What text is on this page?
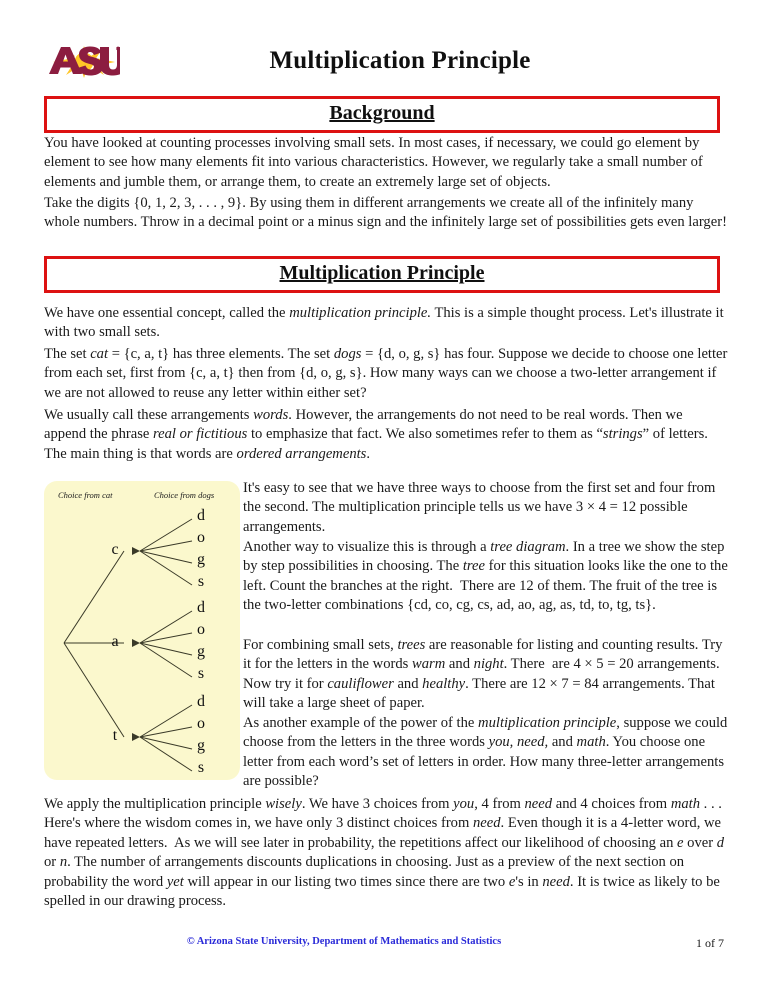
Multiplication Principle
Background
You have looked at counting processes involving small sets. In most cases, if necessary, we could go element by element to see how many elements fit into various characteristics. However, we regularly take a small number of elements and jumble them, or arrange them, to create an extremely large set of objects.
Take the digits {0, 1, 2, 3, . . . , 9}. By using them in different arrangements we create all of the infinitely many whole numbers. Throw in a decimal point or a minus sign and the infinitely large set of possibilities gets even larger!
Multiplication Principle
We have one essential concept, called the multiplication principle. This is a simple thought process. Let's illustrate it with two small sets.
The set cat = {c, a, t} has three elements. The set dogs = {d, o, g, s} has four. Suppose we decide to choose one letter from each set, first from {c, a, t} then from {d, o, g, s}. How many ways can we choose a two-letter arrangement if we are not allowed to reuse any letter within either set?
We usually call these arrangements words. However, the arrangements do not need to be real words. Then we append the phrase real or fictitious to emphasize that fact. We also sometimes refer to them as “strings” of letters. The main thing is that words are ordered arrangements.
Choice from cat	Choice from dogs
c
a
t
d
o
g
s
d
o
g
s
d
o
g
s
It's easy to see that we have three ways to choose from the first set and four from the second. The multiplication principle tells us we have 3 × 4 = 12 possible arrangements.
Another way to visualize this is through a tree diagram. In a tree we show the step by step possibilities in choosing. The tree for this situation looks like the one to the left. Count the branches at the right.  There are 12 of them. The fruit of the tree is the two-letter combinations {cd, co, cg, cs, ad, ao, ag, as, td, to, tg, ts}.
For combining small sets, trees are reasonable for listing and counting results. Try it for the letters in the words warm and night. There  are 4 × 5 = 20 arrangements.  Now try it for cauliflower and healthy. There are 12 × 7 = 84 arrangements. That will take a large sheet of paper.
As another example of the power of the multiplication principle, suppose we could choose from the letters in the three words you, need, and math. You choose one letter from each word’s set of letters in order. How many three-letter arrangements are possible?
We apply the multiplication principle wisely. We have 3 choices from you, 4 from need and 4 choices from math . . . Here's where the wisdom comes in, we have only 3 distinct choices from need. Even though it is a 4-letter word, we have repeated letters.  As we will see later in probability, the repetitions affect our likelihood of choosing an e over d or n. The number of arrangements discounts duplications in choosing. Just as a preview of the next section on probability the word yet will appear in our listing two times since there are two e's in need. It is twice as likely to be spelled in our drawing process.
© Arizona State University, Department of Mathematics and Statistics	1 of 7
